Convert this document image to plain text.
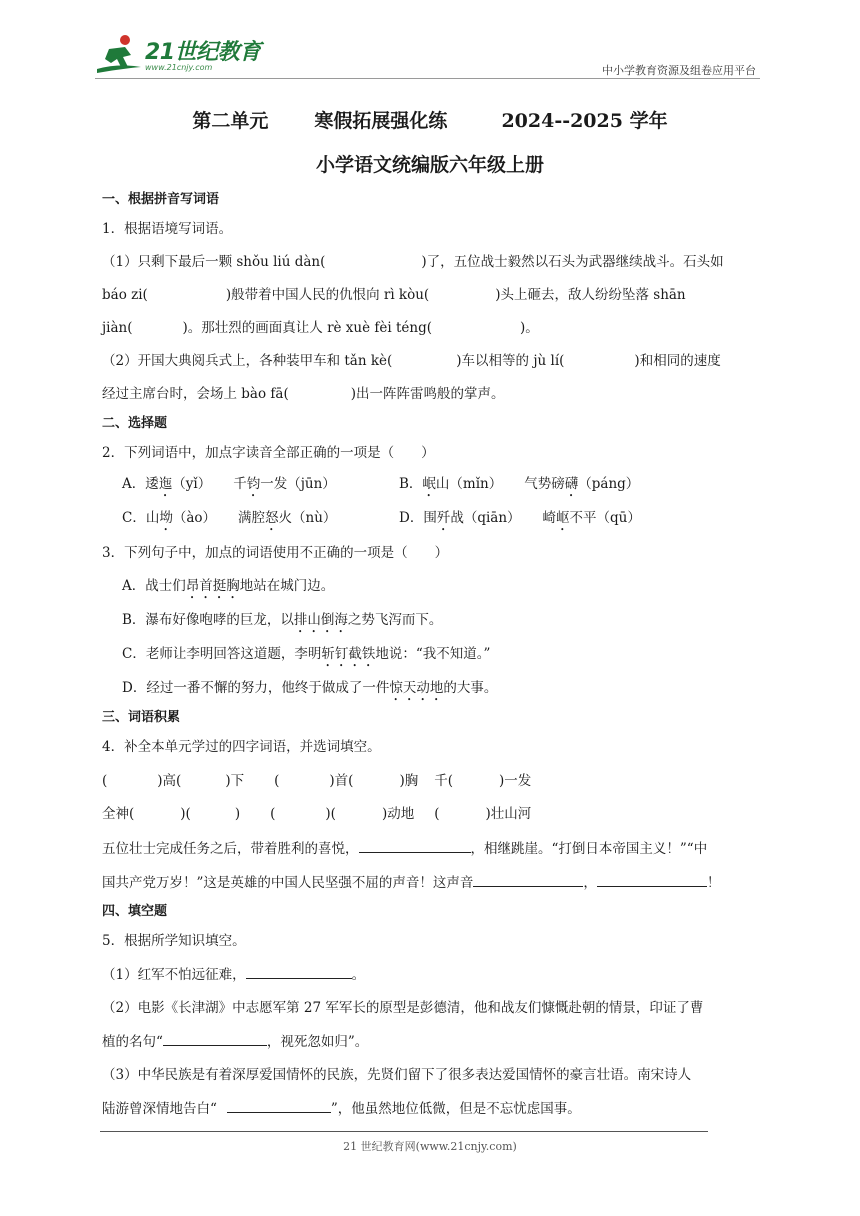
21世纪教育
www.21cnjy.com	中小学教育资源及组卷应用平台
第二单元 寒假拓展强化练	2024--2025 学年
小学语文统编版六年级上册
一、根据拼音写词语
1．根据语境写词语。
（1）只剩下最后一颗 shǒu liú dàn(	)了，五位战士毅然以石头为武器继续战斗。石头如
báo zi(	)般带着中国人民的仇恨向 rì kòu(	)头上砸去，敌人纷纷坠落 shān
jiàn(	)。那壮烈的画面真让人 rè xuè fèi téng(	)。
（2）开国大典阅兵式上，各种装甲车和 tǎn kè(	)车以相等的 jù lí(	)和相同的速度
经过主席台时，会场上 bào fā(	)出一阵阵雷鸣般的掌声。
二、选择题
2．下列词语中，加点字读音全部正确的一项是（　　）
A．逶迤（yǐ） 千钧一发（jūn）	B．岷山（mǐn） 气势磅礴（páng）
C．山坳（ào） 满腔怒火（nù）	D．围歼战（qiān） 崎岖不平（qū）
3．下列句子中，加点的词语使用不正确的一项是（　　）
A．战士们昂首挺胸地站在城门边。
B．瀑布好像咆哮的巨龙，以排山倒海之势飞泻而下。
C．老师让李明回答这道题，李明斩钉截铁地说：“我不知道。”
D．经过一番不懈的努力，他终于做成了一件惊天动地的大事。
三、词语积累
4．补全本单元学过的四字词语，并选词填空。
(	)高(	)下 (	)首(	)胸 千(	)一发
全神(	)(	) (	)(	)动地 (	)壮山河
五位壮士完成任务之后，带着胜利的喜悦，	，相继跳崖。“打倒日本帝国主义！”“中
国共产党万岁！”这是英雄的中国人民坚强不屈的声音！这声音	，	！
四、填空题
5．根据所学知识填空。
（1）红军不怕远征难，	。
（2）电影《长津湖》中志愿军第 27 军军长的原型是彭德清，他和战友们慷慨赴朝的情景，印证了曹
植的名句“	，视死忽如归”。
（3）中华民族是有着深厚爱国情怀的民族，先贤们留下了很多表达爱国情怀的豪言壮语。南宋诗人
陆游曾深情地告白“	”，他虽然地位低微，但是不忘忧虑国事。
21 世纪教育网(www.21cnjy.com)
